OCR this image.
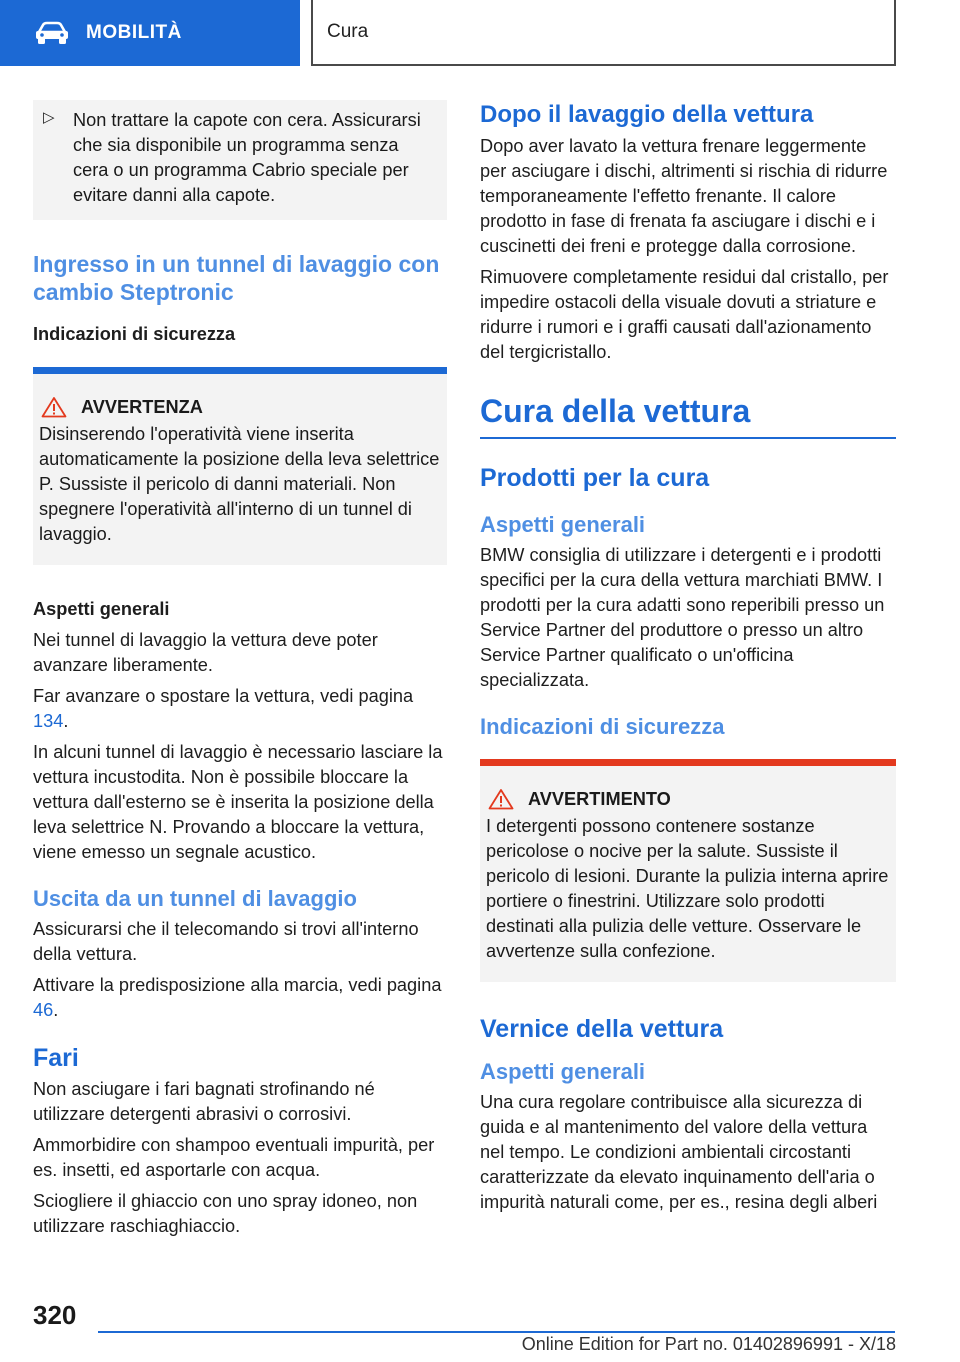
MOBILITÀ	Cura
▷ Non trattare la capote con cera. Assicurarsi che sia disponibile un programma senza cera o un programma Cabrio speciale per evitare danni alla capote.

Ingresso in un tunnel di lavaggio con cambio Steptronic
Indicazioni di sicurezza
AVVERTENZA

Disinserendo l'operatività viene inserita automaticamente la posizione della leva selettrice P. Sussiste il pericolo di danni materiali. Non spegnere l'operatività all'interno di un tunnel di lavaggio.

Aspetti generali

Nei tunnel di lavaggio la vettura deve poter avanzare liberamente.

Far avanzare o spostare la vettura, vedi pagina 134.

In alcuni tunnel di lavaggio è necessario lasciare la vettura incustodita. Non è possibile bloccare la vettura dall'esterno se è inserita la posizione della leva selettrice N. Provando a bloccare la vettura, viene emesso un segnale acustico.

Uscita da un tunnel di lavaggio

Assicurarsi che il telecomando si trovi all'interno della vettura.

Attivare la predisposizione alla marcia, vedi pagina 46.

Fari

Non asciugare i fari bagnati strofinando né utilizzare detergenti abrasivi o corrosivi.

Ammorbidire con shampoo eventuali impurità, per es. insetti, ed asportarle con acqua.

Sciogliere il ghiaccio con uno spray idoneo, non utilizzare raschiaghiaccio.

Dopo il lavaggio della vettura

Dopo aver lavato la vettura frenare leggermente per asciugare i dischi, altrimenti si rischia di ridurre temporaneamente l'effetto frenante. Il calore prodotto in fase di frenata fa asciugare i dischi e i cuscinetti dei freni e protegge dalla corrosione.

Rimuovere completamente residui dal cristallo, per impedire ostacoli della visuale dovuti a striature e ridurre i rumori e i graffi causati dall'azionamento del tergicristallo.

Cura della vettura
Prodotti per la cura
Aspetti generali

BMW consiglia di utilizzare i detergenti e i prodotti specifici per la cura della vettura marchiati BMW. I prodotti per la cura adatti sono reperibili presso un Service Partner del produttore o presso un altro Service Partner qualificato o un'officina specializzata.

Indicazioni di sicurezza
AVVERTIMENTO

I detergenti possono contenere sostanze pericolose o nocive per la salute. Sussiste il pericolo di lesioni. Durante la pulizia interna aprire portiere o finestrini. Utilizzare solo prodotti destinati alla pulizia delle vetture. Osservare le avvertenze sulla confezione.

Vernice della vettura
Aspetti generali

Una cura regolare contribuisce alla sicurezza di guida e al mantenimento del valore della vettura nel tempo. Le condizioni ambientali circostanti caratterizzate da elevato inquinamento dell'aria o impurità naturali come, per es., resina degli alberi

320
Online Edition for Part no. 01402896991 - X/18
